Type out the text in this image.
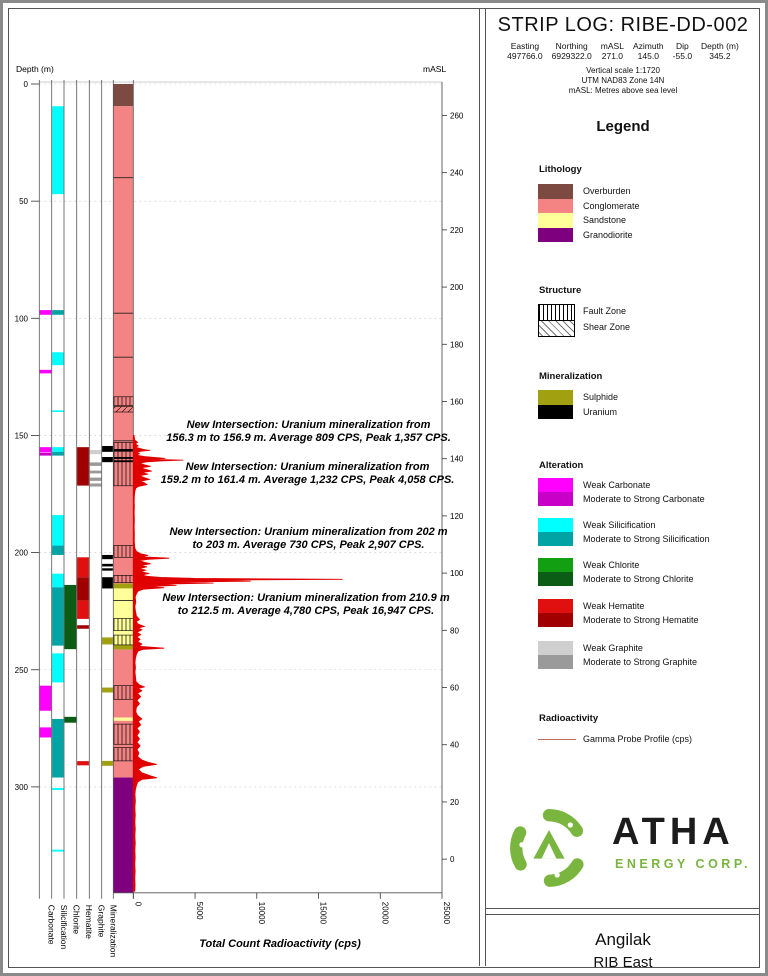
0
50
100
150
200
250
300
Depth (m)
260
240
220
200
180
160
140
120
100
80
60
40
20
0
mASL
0	5000	10000	15000	20000	25000
Carbonate Silicification Chlorite Hematite Graphite Mineralization	Total Count Radioactivity (cps)
New Intersection: Uranium mineralization from
156.3 m to 156.9 m. Average 809 CPS, Peak 1,357 CPS.
New Intersection: Uranium mineralization from
159.2 m to 161.4 m. Average 1,232 CPS, Peak 4,058 CPS.
New Intersection: Uranium mineralization from 202 m
to 203 m. Average 730 CPS, Peak 2,907 CPS.
New Intersection: Uranium mineralization from 210.9 m
to 212.5 m. Average 4,780 CPS, Peak 16,947 CPS.
STRIP LOG: RIBE-DD-002
Easting
497766.0
Northing
6929322.0
mASL
271.0
Azimuth
145.0
Dip
-55.0
Depth (m)
345.2
Vertical scale 1:1720
UTM NAD83 Zone 14N
mASL: Metres above sea level
Legend
Lithology
Overburden
Conglomerate
Sandstone
Granodiorite
Structure
Fault Zone
Shear Zone
Mineralization
Sulphide
Uranium
Alteration
Weak Carbonate
Moderate to Strong Carbonate
Weak Silicification
Moderate to Strong Silicification
Weak Chlorite
Moderate to Strong Chlorite
Weak Hematite
Moderate to Strong Hematite
Weak Graphite
Moderate to Strong Graphite
Radioactivity
Gamma Probe Profile (cps)
ATHA
ENERGY CORP.
Angilak
RIB East
